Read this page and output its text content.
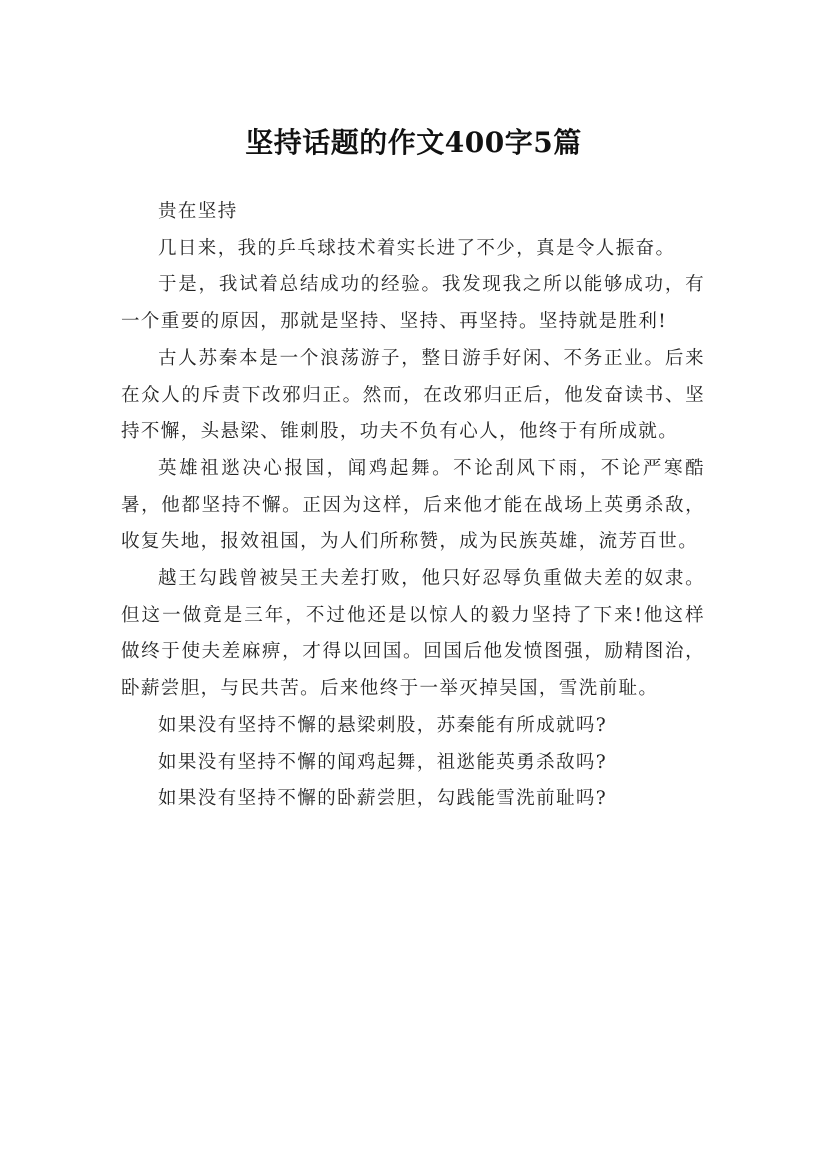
坚持话题的作文400字5篇

贵在坚持

几日来，我的乒乓球技术着实长进了不少，真是令人振奋。

于是，我试着总结成功的经验。我发现我之所以能够成功，有一个重要的原因，那就是坚持、坚持、再坚持。坚持就是胜利!

古人苏秦本是一个浪荡游子，整日游手好闲、不务正业。后来在众人的斥责下改邪归正。然而，在改邪归正后，他发奋读书、坚持不懈，头悬梁、锥刺股，功夫不负有心人，他终于有所成就。

英雄祖逖决心报国，闻鸡起舞。不论刮风下雨，不论严寒酷暑，他都坚持不懈。正因为这样，后来他才能在战场上英勇杀敌，收复失地，报效祖国，为人们所称赞，成为民族英雄，流芳百世。

越王勾践曾被吴王夫差打败，他只好忍辱负重做夫差的奴隶。但这一做竟是三年，不过他还是以惊人的毅力坚持了下来!他这样做终于使夫差麻痹，才得以回国。回国后他发愤图强，励精图治，卧薪尝胆，与民共苦。后来他终于一举灭掉吴国，雪洗前耻。

如果没有坚持不懈的悬梁刺股，苏秦能有所成就吗?

如果没有坚持不懈的闻鸡起舞，祖逖能英勇杀敌吗?

如果没有坚持不懈的卧薪尝胆，勾践能雪洗前耻吗?
